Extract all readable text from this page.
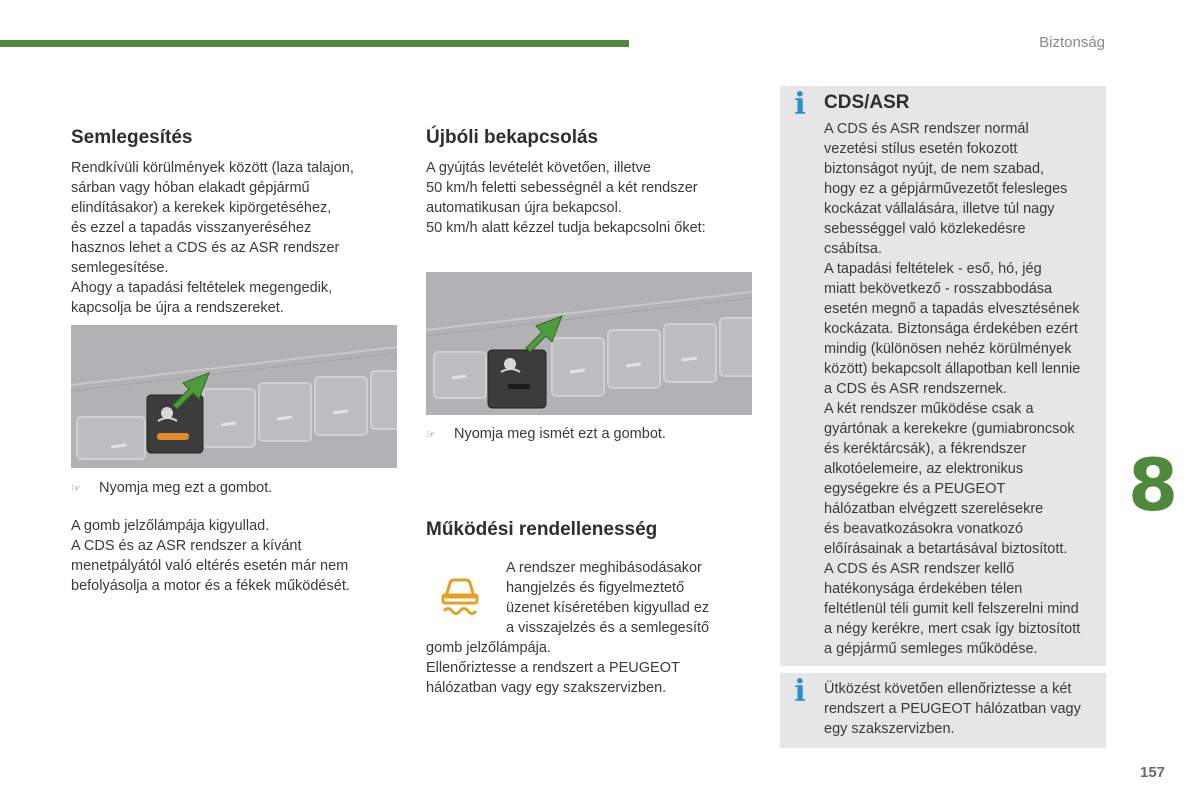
Biztonság
Semlegesítés

Rendkívüli körülmények között (laza talajon,

sárban vagy hóban elakadt gépjármű

elindításakor) a kerekek kipörgetéséhez,

és ezzel a tapadás visszanyeréséhez

hasznos lehet a CDS és az ASR rendszer

semlegesítése.

Ahogy a tapadási feltételek megengedik,

kapcsolja be újra a rendszereket.

☞ Nyomja meg ezt a gombot.

A gomb jelzőlámpája kigyullad.

A CDS és az ASR rendszer a kívánt

menetpályától való eltérés esetén már nem

befolyásolja a motor és a fékek működését.

Újbóli bekapcsolás

A gyújtás levételét követően, illetve

50 km/h feletti sebességnél a két rendszer

automatikusan újra bekapcsol.

50 km/h alatt kézzel tudja bekapcsolni őket:

☞ Nyomja meg ismét ezt a gombot.
Működési rendellenesség

A rendszer meghibásodásakor

hangjelzés és figyelmeztető

üzenet kíséretében kigyullad ez

a visszajelzés és a semlegesítő

gomb jelzőlámpája.

Ellenőriztesse a rendszert a PEUGEOT

hálózatban vagy egy szakszervizben.

i CDS/ASR

A CDS és ASR rendszer normál

vezetési stílus esetén fokozott

biztonságot nyújt, de nem szabad,

hogy ez a gépjárművezetőt felesleges

kockázat vállalására, illetve túl nagy

sebességgel való közlekedésre

csábítsa.

A tapadási feltételek - eső, hó, jég

miatt bekövetkező - rosszabbodása

esetén megnő a tapadás elvesztésének

kockázata. Biztonsága érdekében ezért

mindig (különösen nehéz körülmények

között) bekapcsolt állapotban kell lennie

a CDS és ASR rendszernek.

A két rendszer működése csak a

gyártónak a kerekekre (gumiabroncsok

és keréktárcsák), a fékrendszer

alkotóelemeire, az elektronikus

egységekre és a PEUGEOT

hálózatban elvégzett szerelésekre

és beavatkozásokra vonatkozó

előírásainak a betartásával biztosított.

A CDS és ASR rendszer kellő

hatékonysága érdekében télen

feltétlenül téli gumit kell felszerelni mind

a négy kerékre, mert csak így biztosított

a gépjármű semleges működése.

i Ütközést követően ellenőriztesse a két

rendszert a PEUGEOT hálózatban vagy

egy szakszervizben.

8
157
